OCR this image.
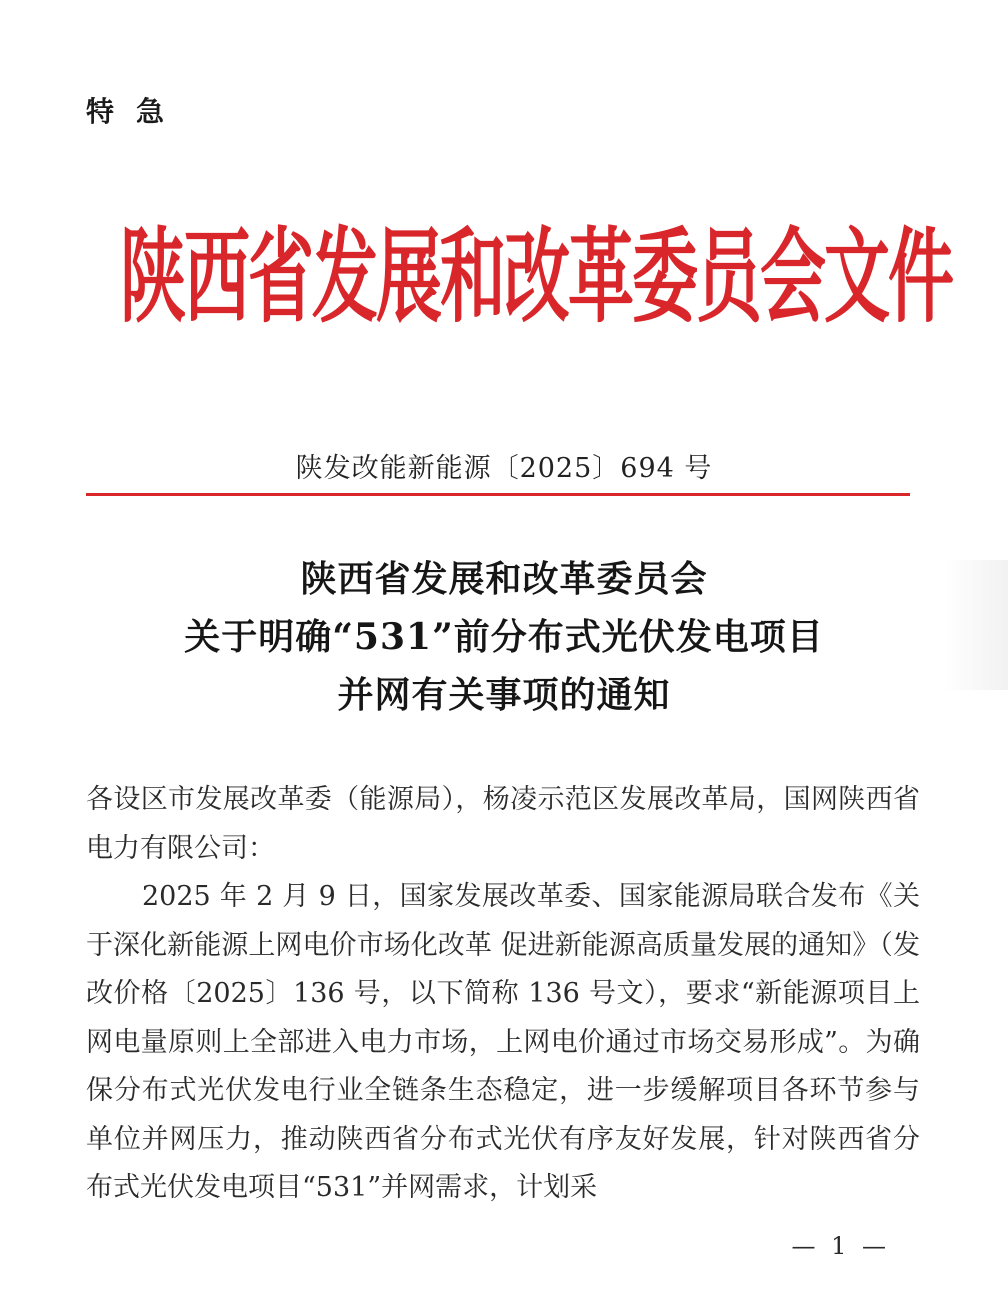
特急
陕西省发展和改革委员会文件
陕发改能新能源〔2025〕694 号
陕西省发展和改革委员会
关于明确“531”前分布式光伏发电项目
并网有关事项的通知

各设区市发展改革委（能源局），杨凌示范区发展改革局，国网陕西省电力有限公司：

2025 年 2 月 9 日，国家发展改革委、国家能源局联合发布《关于深化新能源上网电价市场化改革 促进新能源高质量发展的通知》（发改价格〔2025〕136 号，以下简称 136 号文），要求“新能源项目上网电量原则上全部进入电力市场，上网电价通过市场交易形成”。为确保分布式光伏发电行业全链条生态稳定，进一步缓解项目各环节参与单位并网压力，推动陕西省分布式光伏有序友好发展，针对陕西省分布式光伏发电项目“531”并网需求，计划采

— 1 —
